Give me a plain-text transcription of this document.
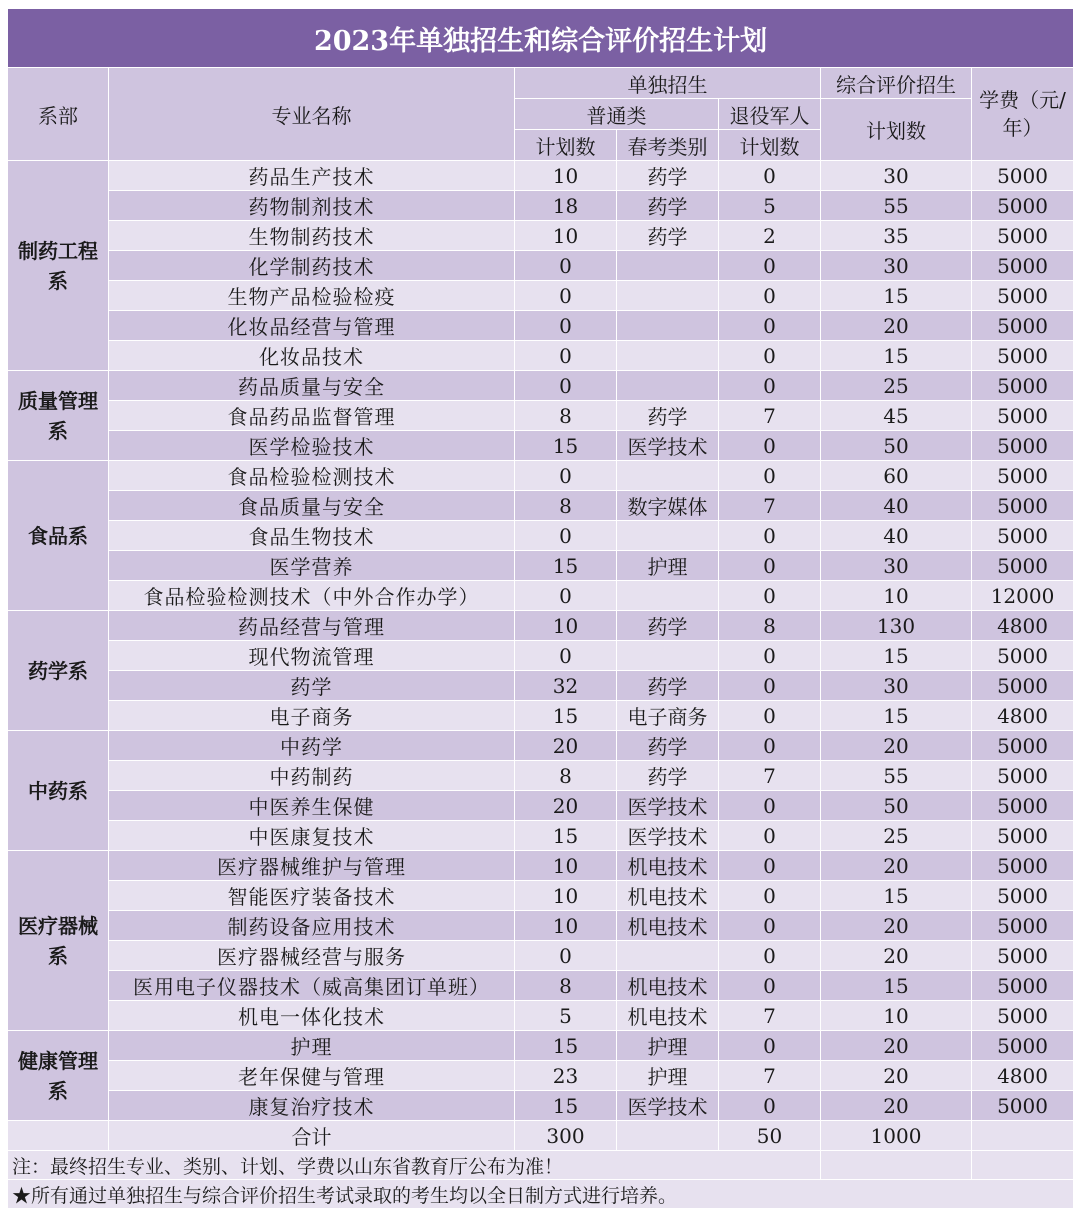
2023年单独招生和综合评价招生计划						
系部	专业名称	单独招生			综合评价招生	学费（元/年）
		普通类		退役军人	计划数	
		计划数	春考类别	计划数		
制药工程系	药品生产技术	10	药学	0	30	5000
	药物制剂技术	18	药学	5	55	5000
	生物制药技术	10	药学	2	35	5000
	化学制药技术	0		0	30	5000
	生物产品检验检疫	0		0	15	5000
	化妆品经营与管理	0		0	20	5000
	化妆品技术	0		0	15	5000
质量管理系	药品质量与安全	0		0	25	5000
	食品药品监督管理	8	药学	7	45	5000
	医学检验技术	15	医学技术	0	50	5000
食品系	食品检验检测技术	0		0	60	5000
	食品质量与安全	8	数字媒体	7	40	5000
	食品生物技术	0		0	40	5000
	医学营养	15	护理	0	30	5000
	食品检验检测技术（中外合作办学）	0		0	10	12000
药学系	药品经营与管理	10	药学	8	130	4800
	现代物流管理	0		0	15	5000
	药学	32	药学	0	30	5000
	电子商务	15	电子商务	0	15	4800
中药系	中药学	20	药学	0	20	5000
	中药制药	8	药学	7	55	5000
	中医养生保健	20	医学技术	0	50	5000
	中医康复技术	15	医学技术	0	25	5000
医疗器械系	医疗器械维护与管理	10	机电技术	0	20	5000
	智能医疗装备技术	10	机电技术	0	15	5000
	制药设备应用技术	10	机电技术	0	20	5000
	医疗器械经营与服务	0		0	20	5000
	医用电子仪器技术（威高集团订单班）	8	机电技术	0	15	5000
	机电一体化技术	5	机电技术	7	10	5000
健康管理系	护理	15	护理	0	20	5000
	老年保健与管理	23	护理	7	20	4800
	康复治疗技术	15	医学技术	0	20	5000
	合计	300		50	1000	
注：最终招生专业、类别、计划、学费以山东省教育厅公布为准！						
★所有通过单独招生与综合评价招生考试录取的考生均以全日制方式进行培养。						
